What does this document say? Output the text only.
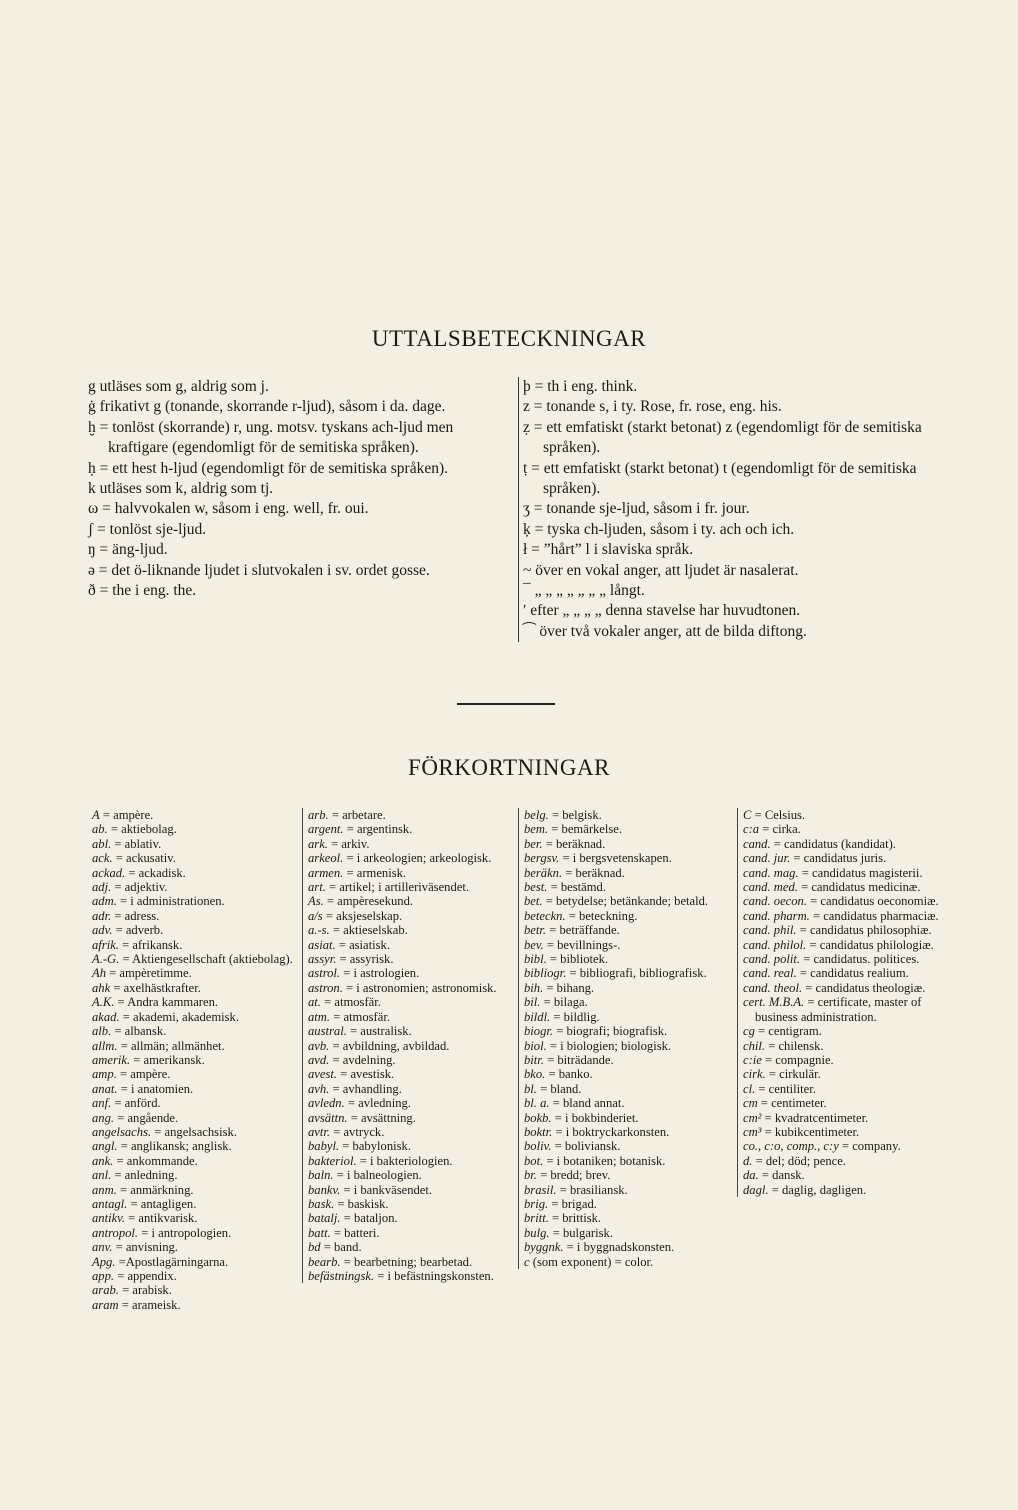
UTTALSBETECKNINGAR
g utläses som g, aldrig som j.
ġ frikativt g (tonande, skorrande r-ljud), såsom i da. dage.
ḫ = tonlöst (skorrande) r, ung. motsv. tyskans ach-ljud men kraftigare (egendomligt för de semitiska språken).
ḥ = ett hest h-ljud (egendomligt för de semitiska språken).
k utläses som k, aldrig som tj.
ω = halvvokalen w, såsom i eng. well, fr. oui.
ʃ = tonlöst sje-ljud.
ŋ = äng-ljud.
ə = det ö-liknande ljudet i slutvokalen i sv. ordet gosse.
ð = the i eng. the.
þ = th i eng. think.
z = tonande s, i ty. Rose, fr. rose, eng. his.
ẓ = ett emfatiskt (starkt betonat) z (egendomligt för de semitiska språken).
ṭ = ett emfatiskt (starkt betonat) t (egendomligt för de semitiska språken).
ʒ = tonande sje-ljud, såsom i fr. jour.
ķ = tyska ch-ljuden, såsom i ty. ach och ich.
ł = ”hårt” l i slaviska språk.
~ över en vokal anger, att ljudet är nasalerat.
¯ „ „ „ „ „ „ „ långt.
ʹ efter „ „ „ „ denna stavelse har huvudtonen.
⁀ över två vokaler anger, att de bilda diftong.
FÖRKORTNINGAR
A = ampère.
ab. = aktiebolag.
abl. = ablativ.
ack. = ackusativ.
ackad. = ackadisk.
adj. = adjektiv.
adm. = i administrationen.
adr. = adress.
adv. = adverb.
afrik. = afrikansk.
A.-G. = Aktiengesellschaft (aktiebolag).
Ah = ampèretimme.
ahk = axelhästkrafter.
A.K. = Andra kammaren.
akad. = akademi, akademisk.
alb. = albansk.
allm. = allmän; allmänhet.
amerik. = amerikansk.
amp. = ampère.
anat. = i anatomien.
anf. = anförd.
ang. = angående.
angelsachs. = angelsachsisk.
angl. = anglikansk; anglisk.
ank. = ankommande.
anl. = anledning.
anm. = anmärkning.
antagl. = antagligen.
antikv. = antikvarisk.
antropol. = i antropologien.
anv. = anvisning.
Apg. =Apostlagärningarna.
app. = appendix.
arab. = arabisk.
aram = arameisk.
arb. = arbetare.
argent. = argentinsk.
ark. = arkiv.
arkeol. = i arkeologien; arkeologisk.
armen. = armenisk.
art. = artikel; i artilleriväsendet.
As. = ampèresekund.
a/s = aksjeselskap.
a.-s. = aktieselskab.
asiat. = asiatisk.
assyr. = assyrisk.
astrol. = i astrologien.
astron. = i astronomien; astronomisk.
at. = atmosfär.
atm. = atmosfär.
austral. = australisk.
avb. = avbildning, avbildad.
avd. = avdelning.
avest. = avestisk.
avh. = avhandling.
avledn. = avledning.
avsättn. = avsättning.
avtr. = avtryck.
babyl. = babylonisk.
bakteriol. = i bakteriologien.
baln. = i balneologien.
bankv. = i bankväsendet.
bask. = baskisk.
batalj. = bataljon.
batt. = batteri.
bd = band.
bearb. = bearbetning; bearbetad.
befästningsk. = i befästningskonsten.
belg. = belgisk.
bem. = bemärkelse.
ber. = beräknad.
bergsv. = i bergsvetenskapen.
beräkn. = beräknad.
best. = bestämd.
bet. = betydelse; betänkande; betald.
beteckn. = beteckning.
betr. = beträffande.
bev. = bevillnings-.
bibl. = bibliotek.
bibliogr. = bibliografi, bibliografisk.
bih. = bihang.
bil. = bilaga.
bildl. = bildlig.
biogr. = biografi; biografisk.
biol. = i biologien; biologisk.
bitr. = biträdande.
bko. = banko.
bl. = bland.
bl. a. = bland annat.
bokb. = i bokbinderiet.
boktr. = i boktryckarkonsten.
boliv. = boliviansk.
bot. = i botaniken; botanisk.
br. = bredd; brev.
brasil. = brasiliansk.
brig. = brigad.
britt. = brittisk.
bulg. = bulgarisk.
byggnk. = i byggnadskonsten.
c (som exponent) = color.
C = Celsius.
c:a = cirka.
cand. = candidatus (kandidat).
cand. jur. = candidatus juris.
cand. mag. = candidatus magisterii.
cand. med. = candidatus medicinæ.
cand. oecon. = candidatus oeconomiæ.
cand. pharm. = candidatus pharmaciæ.
cand. phil. = candidatus philosophiæ.
cand. philol. = candidatus philologiæ.
cand. polit. = candidatus. politices.
cand. real. = candidatus realium.
cand. theol. = candidatus theologiæ.
cert. M.B.A. = certificate, master of business administration.
cg = centigram.
chil. = chilensk.
c:ie = compagnie.
cirk. = cirkulär.
cl. = centiliter.
cm = centimeter.
cm² = kvadratcentimeter.
cm³ = kubikcentimeter.
co., c:o, comp., c:y = company.
d. = del; död; pence.
da. = dansk.
dagl. = daglig, dagligen.
